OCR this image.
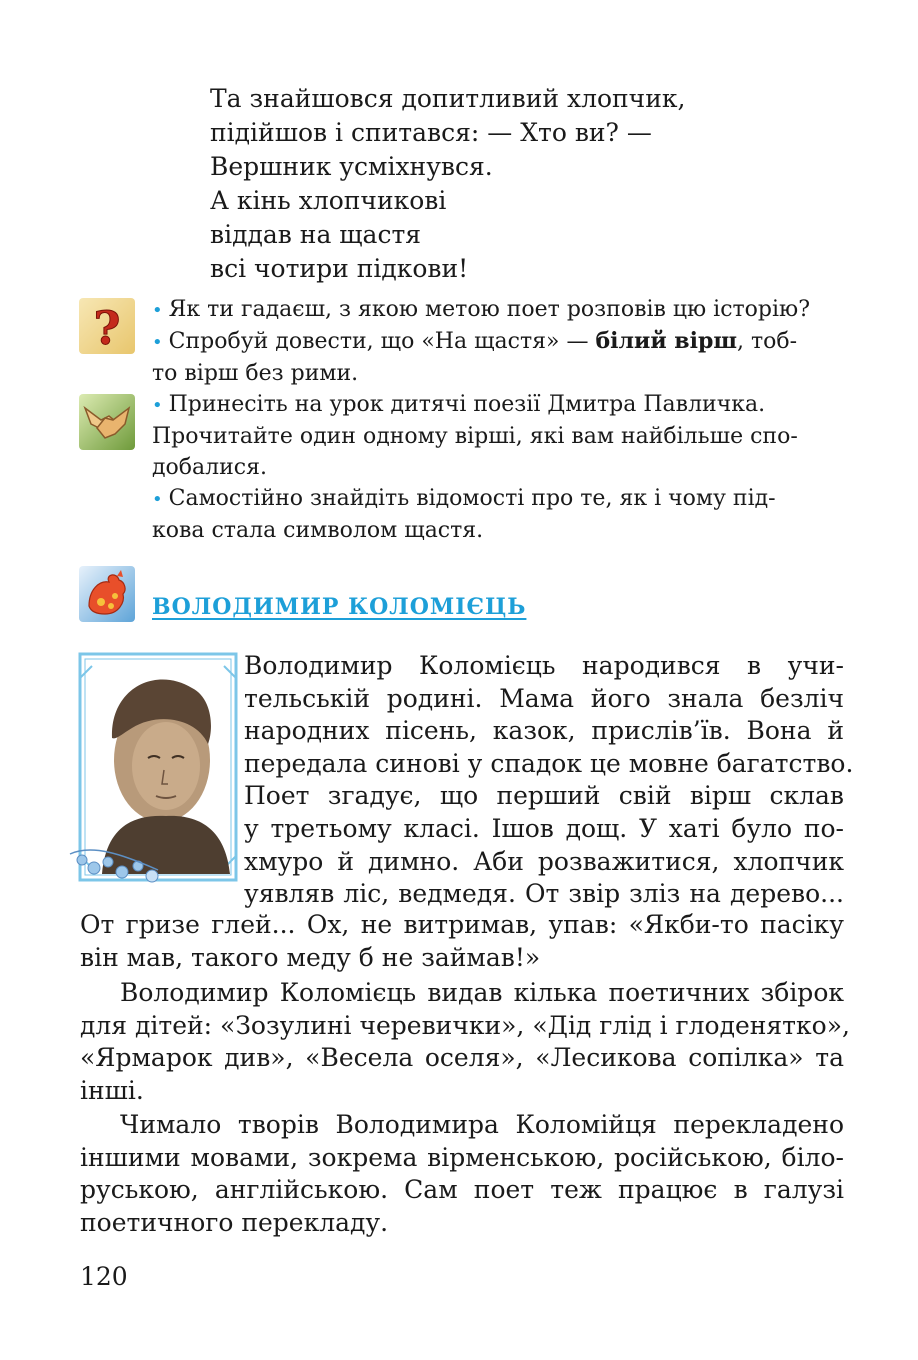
Та знайшовся допитливий хлопчик,
підійшов і спитався: — Хто ви? —
Вершник усміхнувся.
А кінь хлопчикові
віддав на щастя
всі чотири підкови!
? • Як ти гадаєш, з якою метою поет розповів цю історію?
• Спробуй довести, що «На щастя» — білий вірш, тоб-
то вірш без рими.
• Принесіть на урок дитячі поезії Дмитра Павличка.
Прочитайте один одному вірші, які вам найбільше спо-
добалися.
• Самостійно знайдіть відомості про те, як і чому під-
кова стала символом щастя.
ВОЛОДИМИР КОЛОМІЄЦЬ
Володимир Коломієць народився в учи-
тельській родині. Мама його знала безліч
народних пісень, казок, прислів’їв. Вона й
передала синові у спадок це мовне багатство.
Поет згадує, що перший свій вірш склав
у третьому класі. Ішов дощ. У хаті було по-
хмуро й димно. Аби розважитися, хлопчик
уявляв ліс, ведмедя. От звір зліз на дерево...
От гризе глей... Ох, не витримав, упав: «Якби-то пасіку
він мав, такого меду б не займав!»
Володимир Коломієць видав кілька поетичних збірок
для дітей: «Зозулині черевички», «Дід глід і глоденятко»,
«Ярмарок див», «Весела оселя», «Лесикова сопілка» та
інші.
Чимало творів Володимира Коломійця перекладено
іншими мовами, зокрема вірменською, російською, біло-
руською, англійською. Сам поет теж працює в галузі
поетичного перекладу.
120
